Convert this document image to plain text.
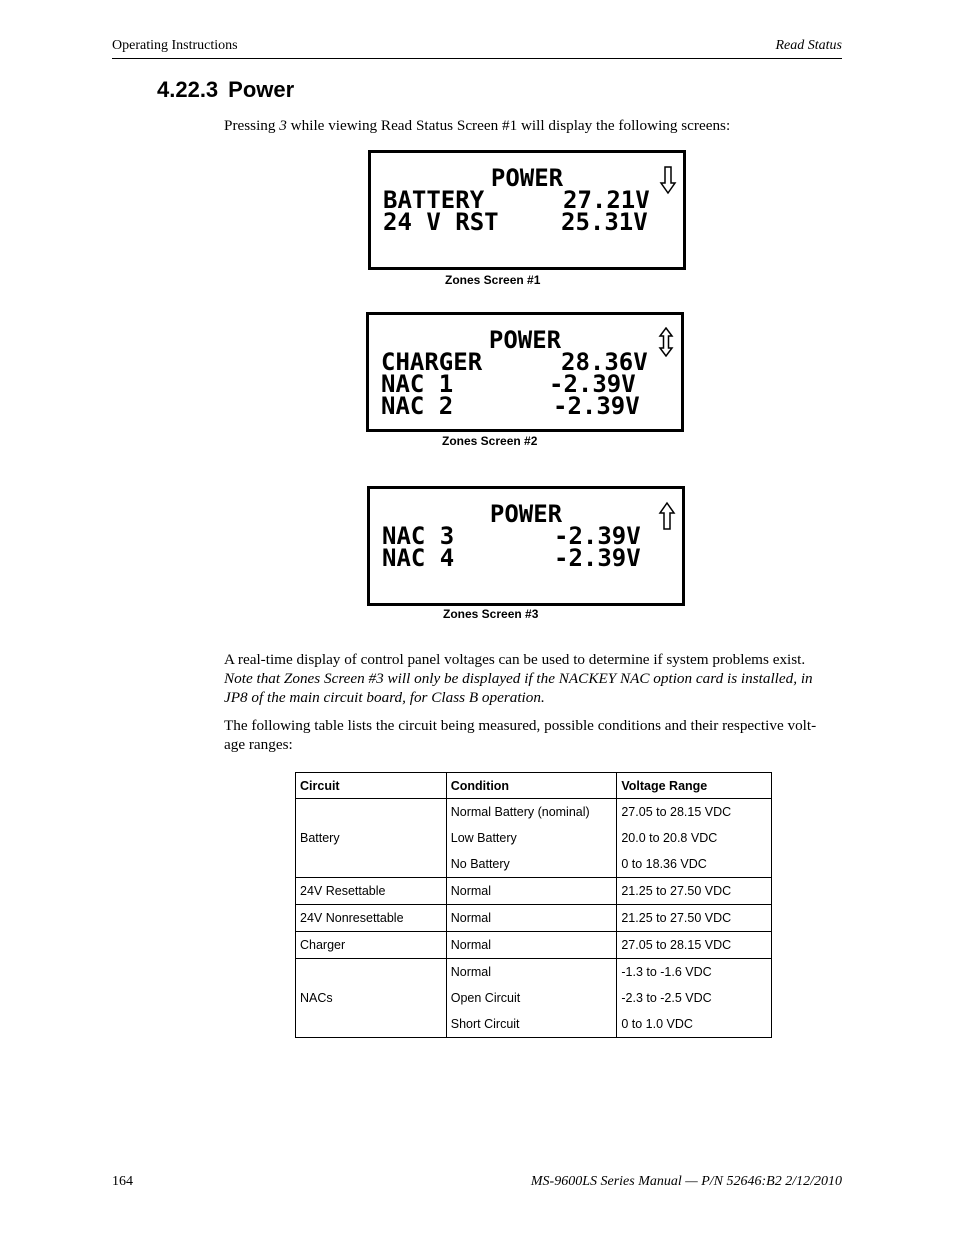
Operating Instructions	Read Status
4.22.3 Power
Pressing 3 while viewing Read Status Screen #1 will display the following screens:
POWER
BATTERY	27.21V
24 V RST	25.31V
Zones Screen #1
POWER
CHARGER	28.36V
NAC 1	-2.39V
NAC 2	-2.39V
Zones Screen #2
POWER
NAC 3	-2.39V
NAC 4	-2.39V
Zones Screen #3
A real-time display of control panel voltages can be used to determine if system problems exist. Note that Zones Screen #3 will only be displayed if the NACKEY NAC option card is installed, in JP8 of the main circuit board, for Class B operation.
The following table lists the circuit being measured, possible conditions and their respective volt-age ranges:
Circuit	Condition	Voltage Range
Battery	Normal Battery (nominal)	27.05 to 28.15 VDC
	Low Battery	20.0 to 20.8 VDC
	No Battery	0 to 18.36 VDC
24V Resettable	Normal	21.25 to 27.50 VDC
24V Nonresettable	Normal	21.25 to 27.50 VDC
Charger	Normal	27.05 to 28.15 VDC
NACs	Normal	-1.3 to -1.6 VDC
	Open Circuit	-2.3 to -2.5 VDC
	Short Circuit	0 to 1.0 VDC
164	MS-9600LS Series Manual — P/N 52646:B2 2/12/2010
